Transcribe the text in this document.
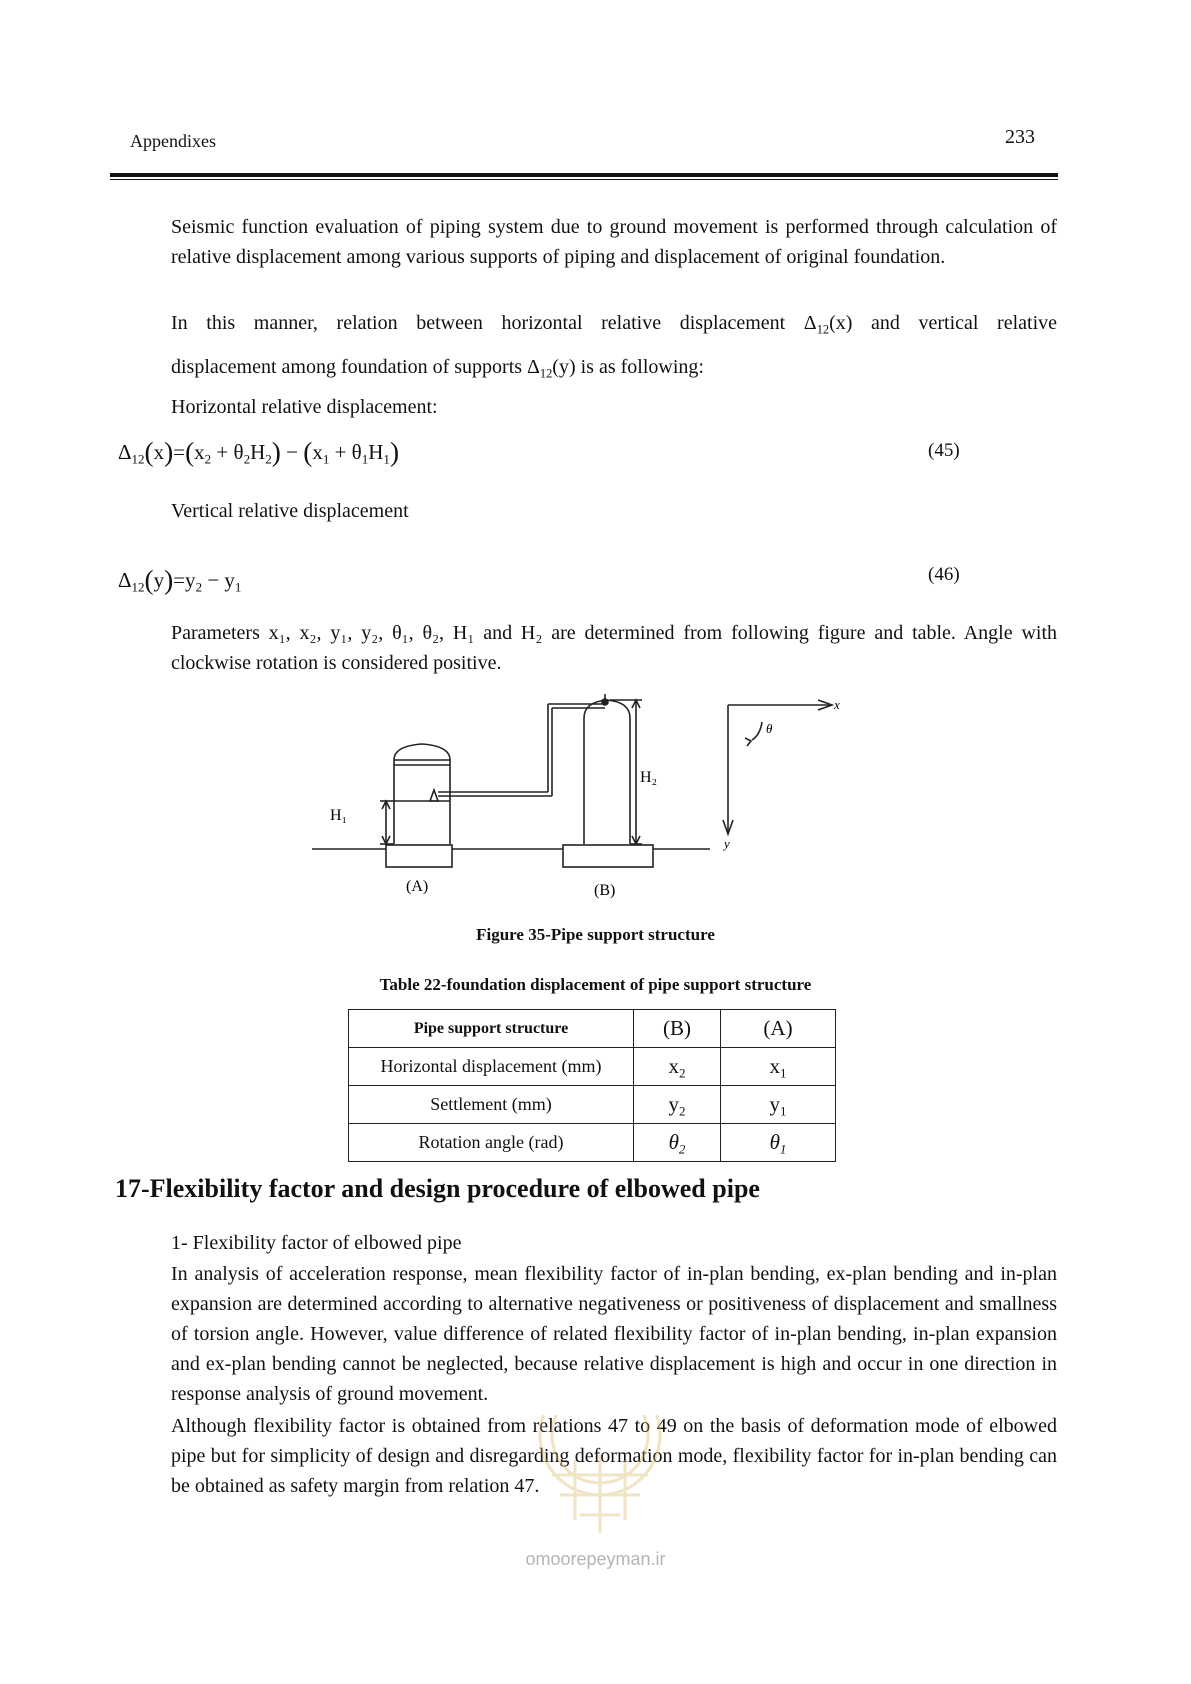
Appendixes	233
Seismic function evaluation of piping system due to ground movement is performed through calculation of relative displacement among various supports of piping and displacement of original foundation.
In this manner, relation between horizontal relative displacement $\Delta_{12}(x)$ and vertical relative
displacement among foundation of supports $\Delta_{12}(y)$ is as following:
Horizontal relative displacement:
$\Delta_{12}(x)=(x_2 + \theta_2H_2) - (x_1 + \theta_1H_1)$	(45)
Vertical relative displacement
$\Delta_{12}(y)=y_2 - y_1$
(46)
Parameters x₁, x₂, y₁, y₂, θ₁, θ₂, H₁ and H₂ are determined from following figure and table. Angle with clockwise rotation is considered positive.
H₁
H₂
(A)	(B)
x
y
θ
Figure 35-Pipe support structure
Table 22-foundation displacement of pipe support structure
Pipe support structure	(B)	(A)
Horizontal displacement (mm)	$x_2$	$x_1$
Settlement (mm)	$y_2$	$y_1$
Rotation angle (rad)	$\theta_2$	$\theta_1$
17-Flexibility factor and design procedure of elbowed pipe
1- Flexibility factor of elbowed pipe
In analysis of acceleration response, mean flexibility factor of in-plan bending, ex-plan bending and in-plan expansion are determined according to alternative negativeness or positiveness of displacement and smallness of torsion angle. However, value difference of related flexibility factor of in-plan bending, in-plan expansion and ex-plan bending cannot be neglected, because relative displacement is high and occur in one direction in response analysis of ground movement.
Although flexibility factor is obtained from relations 47 to 49 on the basis of deformation mode of elbowed pipe but for simplicity of design and disregarding deformation mode, flexibility factor for in-plan bending can be obtained as safety margin from relation 47.
omoorepeyman.ir
